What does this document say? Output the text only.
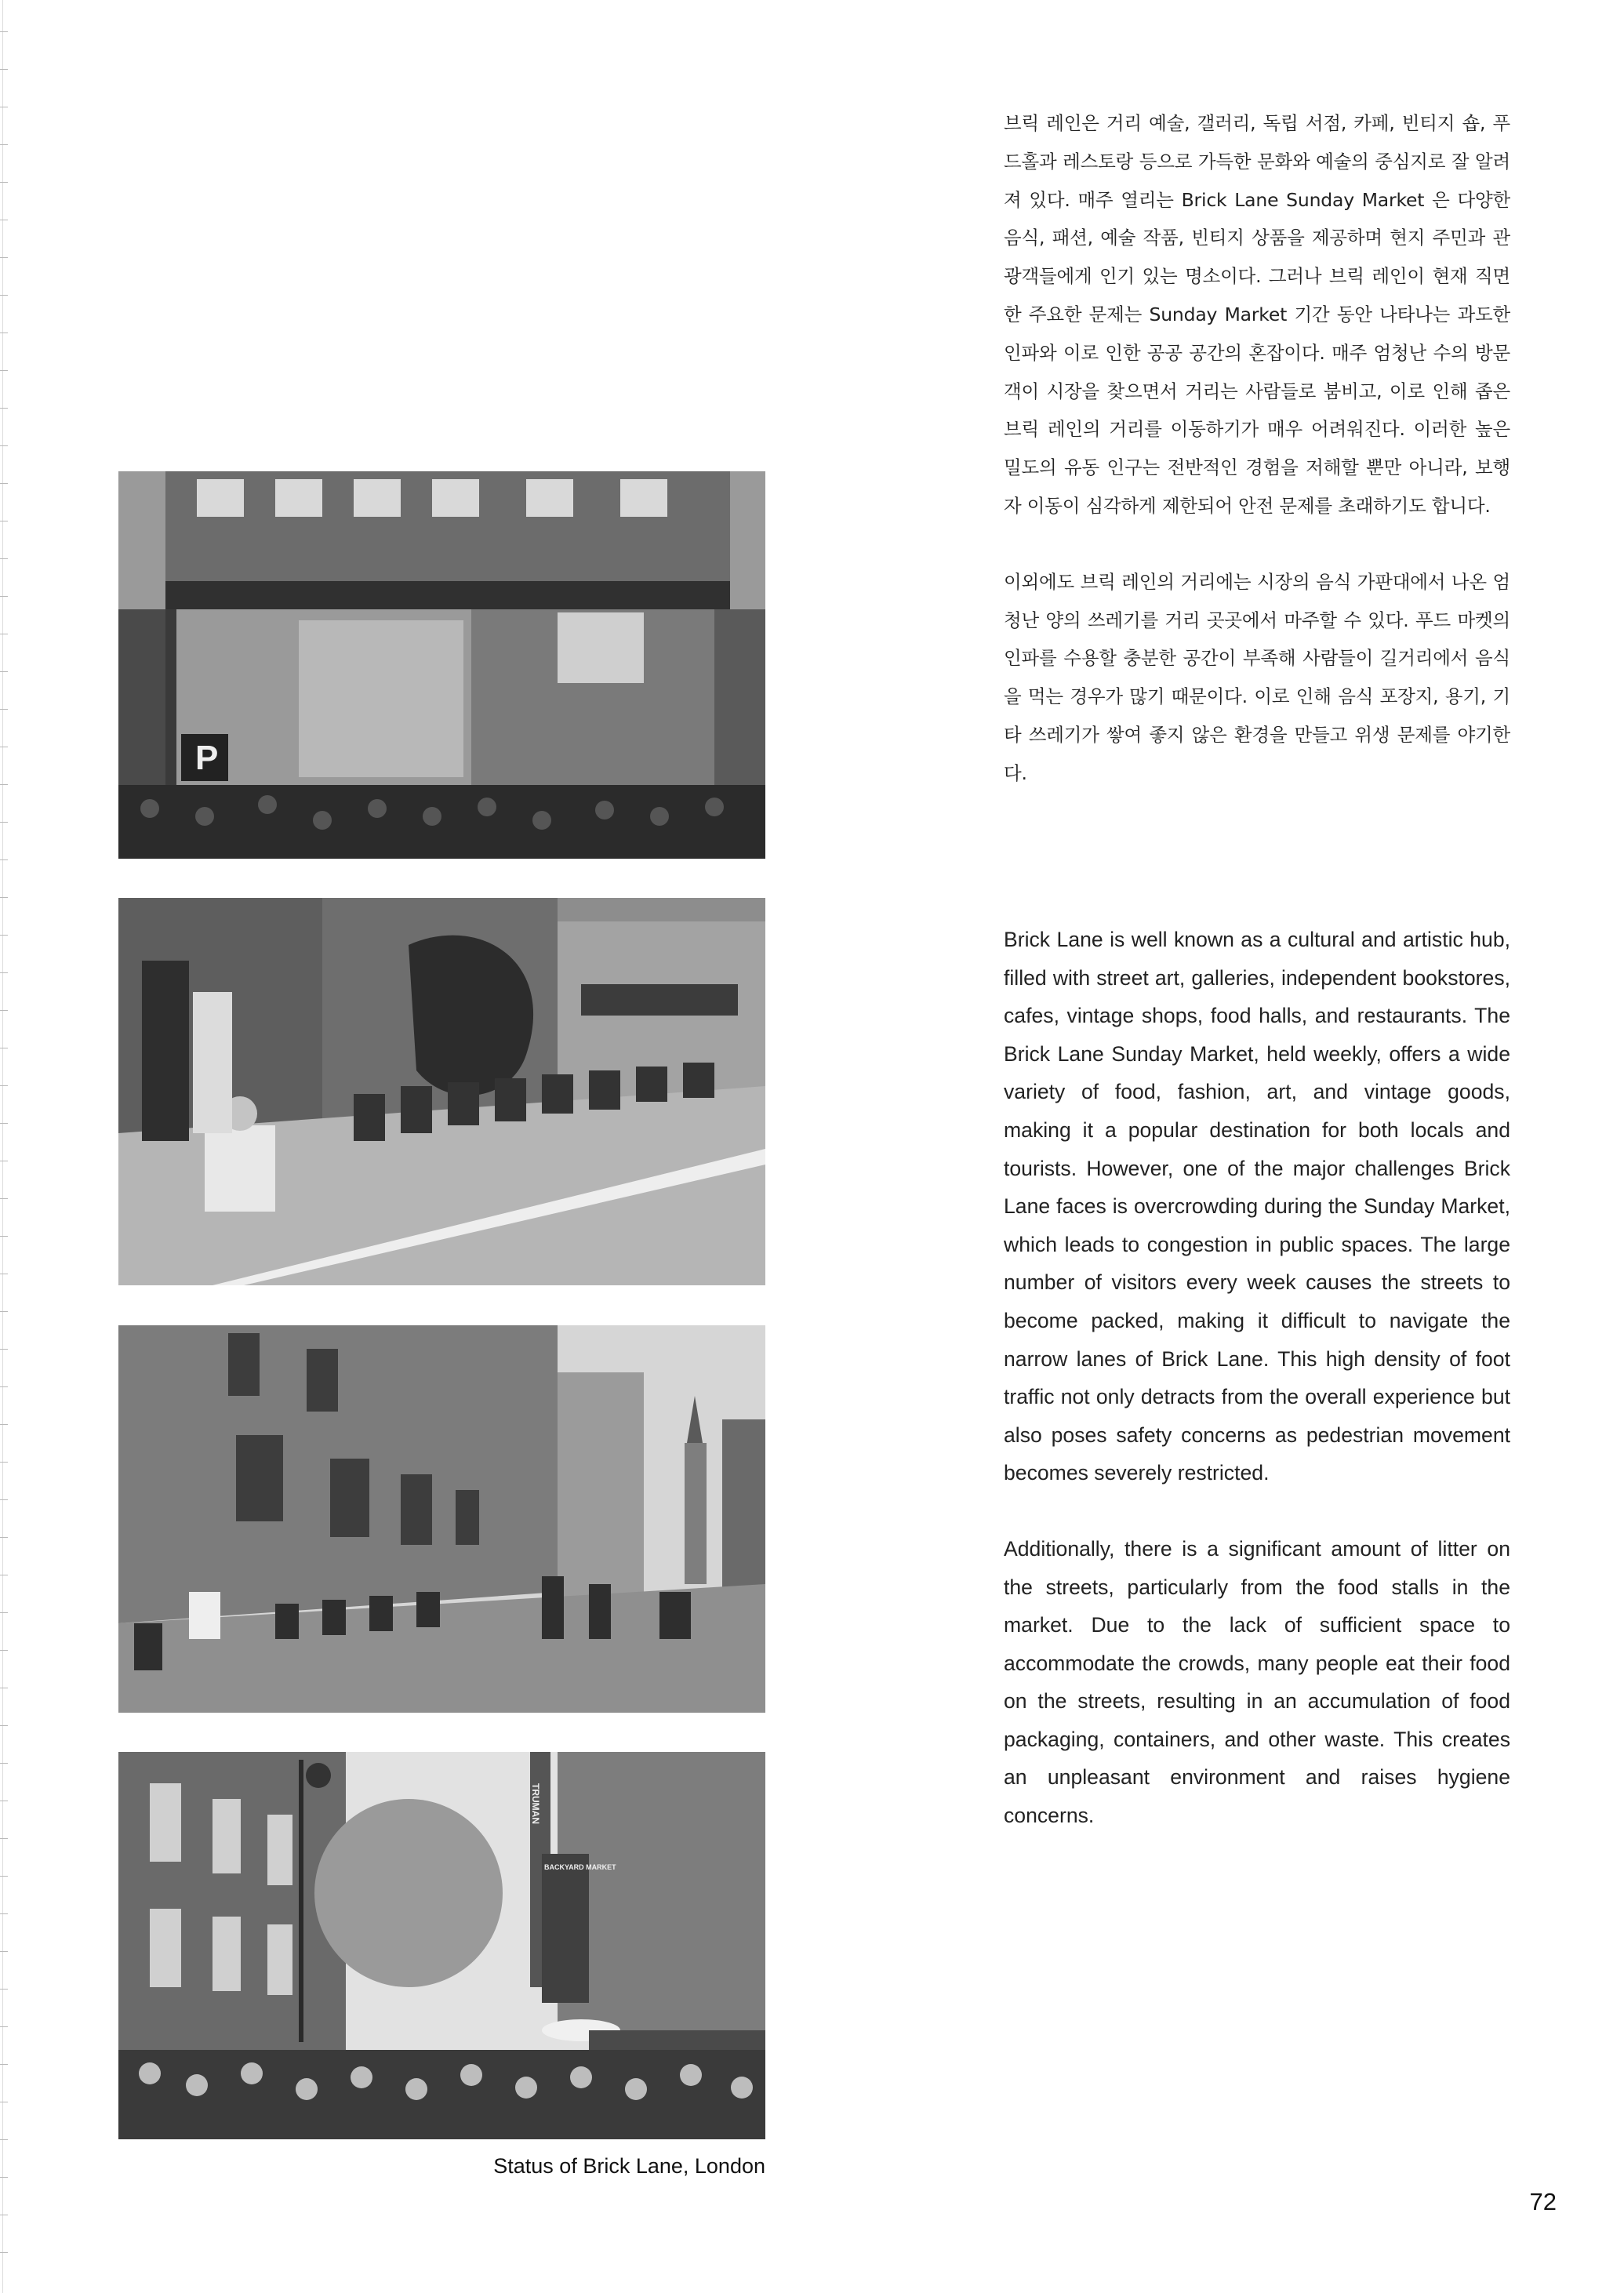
P
TRUMAN
BACKYARD MARKET
Status of Brick Lane, London

브릭 레인은 거리 예술, 갤러리, 독립 서점, 카페, 빈티지 숍, 푸드홀과 레스토랑 등으로 가득한 문화와 예술의 중심지로 잘 알려져 있다. 매주 열리는 Brick Lane Sunday Market 은 다양한 음식, 패션, 예술 작품, 빈티지 상품을 제공하며 현지 주민과 관광객들에게 인기 있는 명소이다. 그러나 브릭 레인이 현재 직면한 주요한 문제는 Sunday Market 기간 동안 나타나는 과도한 인파와 이로 인한 공공 공간의 혼잡이다. 매주 엄청난 수의 방문객이 시장을 찾으면서 거리는 사람들로 붐비고, 이로 인해 좁은 브릭 레인의 거리를 이동하기가 매우 어려워진다. 이러한 높은 밀도의 유동 인구는 전반적인 경험을 저해할 뿐만 아니라, 보행자 이동이 심각하게 제한되어 안전 문제를 초래하기도 합니다.

이외에도 브릭 레인의 거리에는 시장의 음식 가판대에서 나온 엄청난 양의 쓰레기를 거리 곳곳에서 마주할 수 있다. 푸드 마켓의 인파를 수용할 충분한 공간이 부족해 사람들이 길거리에서 음식을 먹는 경우가 많기 때문이다. 이로 인해 음식 포장지, 용기, 기타 쓰레기가 쌓여 좋지 않은 환경을 만들고 위생 문제를 야기한다.

Brick Lane is well known as a cultural and artistic hub, filled with street art, galleries, independent bookstores, cafes, vintage shops, food halls, and restaurants. The Brick Lane Sunday Market, held weekly, offers a wide variety of food, fashion, art, and vintage goods, making it a popular destination for both locals and tourists. However, one of the major challenges Brick Lane faces is overcrowding during the Sunday Market, which leads to congestion in public spaces. The large number of visitors every week causes the streets to become packed, making it difficult to navigate the narrow lanes of Brick Lane. This high density of foot traffic not only detracts from the overall experience but also poses safety concerns as pedestrian movement becomes severely restricted.

Additionally, there is a significant amount of litter on the streets, particularly from the food stalls in the market. Due to the lack of sufficient space to accommodate the crowds, many people eat their food on the streets, resulting in an accumulation of food packaging, containers, and other waste. This creates an unpleasant environment and raises hygiene concerns.

72
